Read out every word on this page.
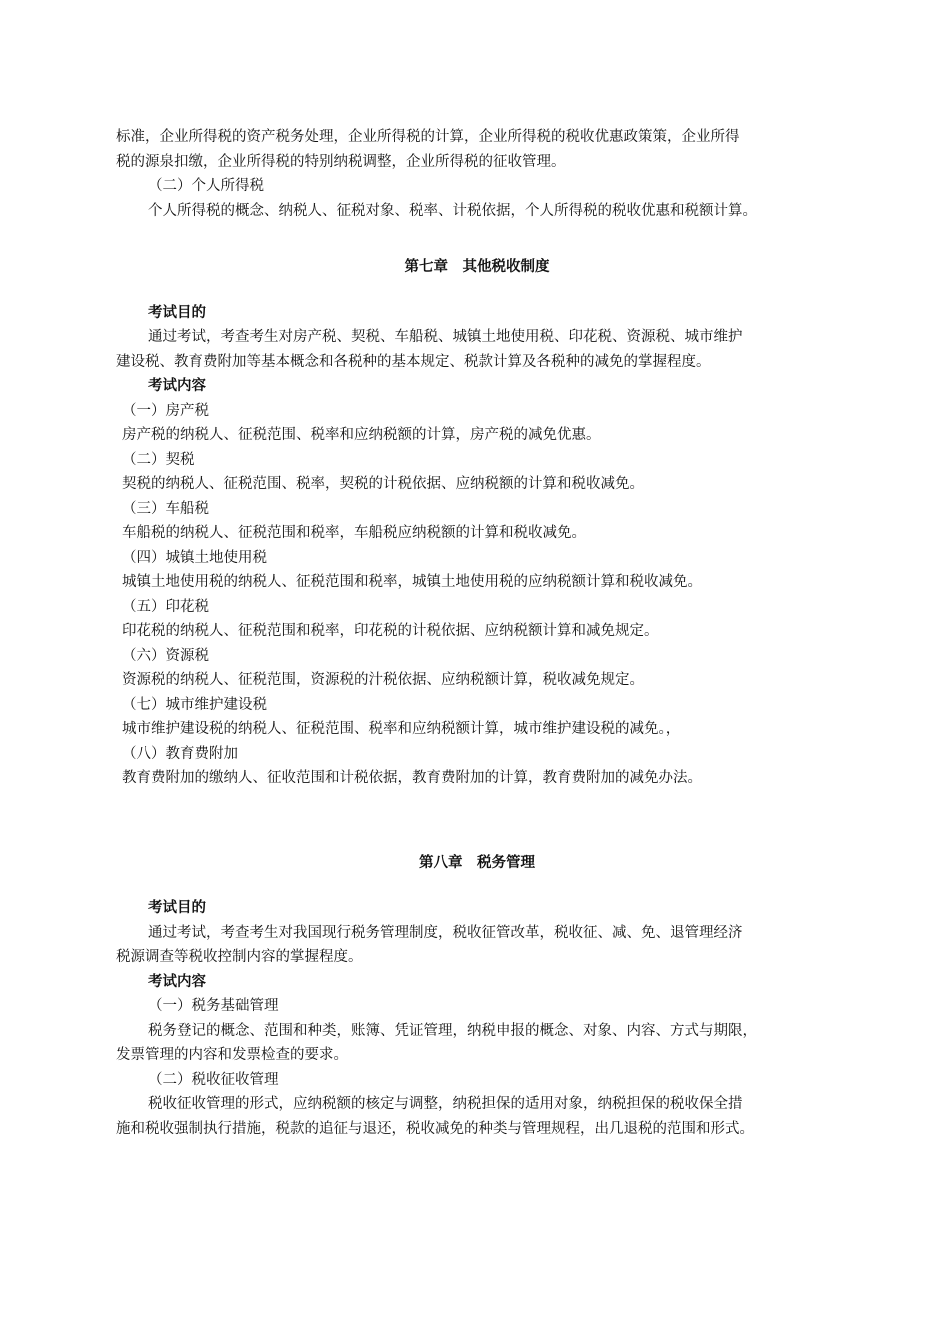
标准，企业所得税的资产税务处理，企业所得税的计算，企业所得税的税收优惠政策策，企业所得
税的源泉扣缴，企业所得税的特别纳税调整，企业所得税的征收管理。
（二）个人所得税
个人所得税的概念、纳税人、征税对象、税率、计税依据，个人所得税的税收优惠和税额计算。
第七章　其他税收制度
考试目的
通过考试，考查考生对房产税、契税、车船税、城镇土地使用税、印花税、资源税、城市维护
建设税、教育费附加等基本概念和各税种的基本规定、税款计算及各税种的减免的掌握程度。
考试内容
（一）房产税
房产税的纳税人、征税范围、税率和应纳税额的计算，房产税的减免优惠。
（二）契税
契税的纳税人、征税范围、税率，契税的计税依据、应纳税额的计算和税收减免。
（三）车船税
车船税的纳税人、征税范围和税率，车船税应纳税额的计算和税收减免。
（四）城镇土地使用税
城镇土地使用税的纳税人、征税范围和税率，城镇土地使用税的应纳税额计算和税收减免。
（五）印花税
印花税的纳税人、征税范围和税率，印花税的计税依据、应纳税额计算和减免规定。
（六）资源税
资源税的纳税人、征税范围，资源税的汁税依据、应纳税额计算，税收减免规定。
（七）城市维护建设税
城市维护建设税的纳税人、征税范围、税率和应纳税额计算，城市维护建设税的减免。，
（八）教育费附加
教育费附加的缴纳人、征收范围和计税依据，教育费附加的计算，教育费附加的减免办法。
第八章　税务管理
考试目的
通过考试，考查考生对我国现行税务管理制度，税收征管改革，税收征、减、免、退管理经济
税源调查等税收控制内容的掌握程度。
考试内容
（一）税务基础管理
税务登记的概念、范围和种类，账簿、凭证管理，纳税申报的概念、对象、内容、方式与期限，
发票管理的内容和发票检查的要求。
（二）税收征收管理
税收征收管理的形式，应纳税额的核定与调整，纳税担保的适用对象，纳税担保的税收保全措
施和税收强制执行措施，税款的追征与退还，税收减免的种类与管理规程，出几退税的范围和形式。
